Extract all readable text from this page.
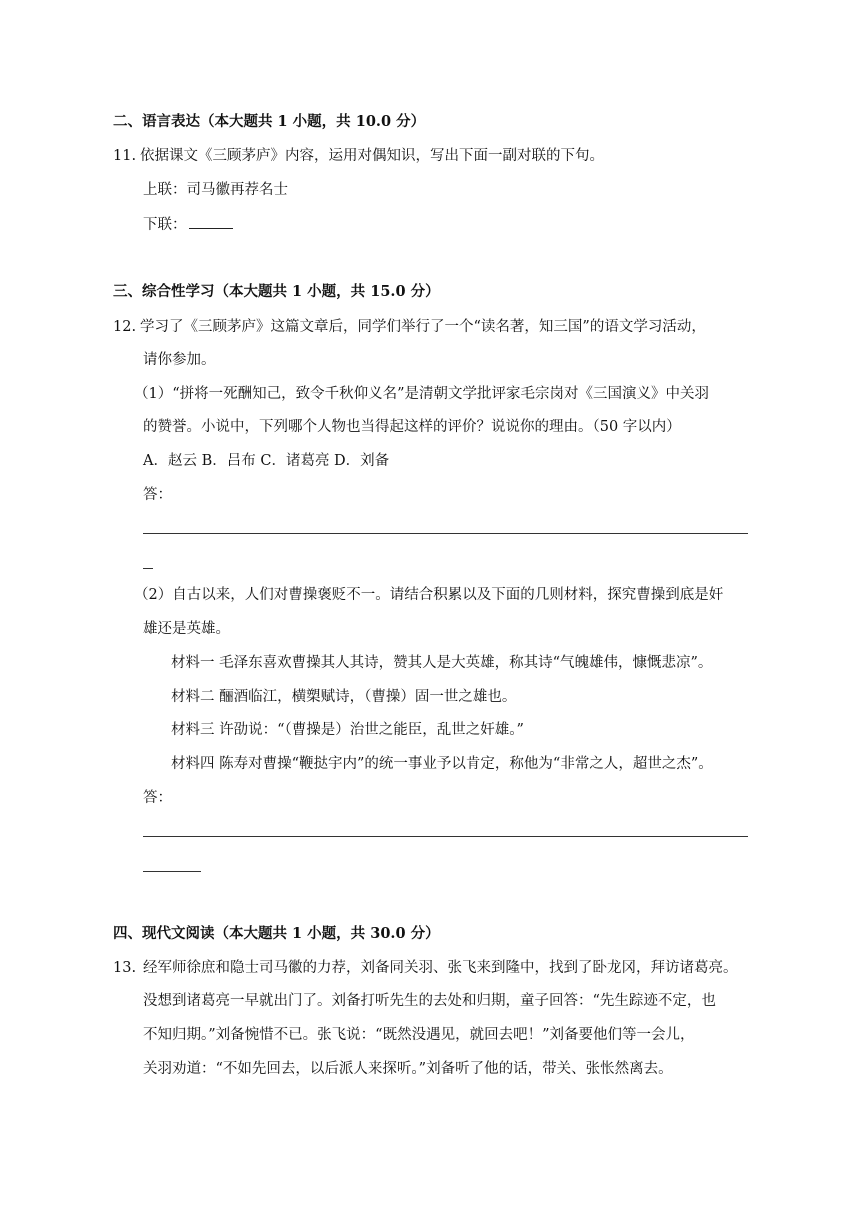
二、语言表达（本大题共 1 小题，共 10.0 分）
11. 依据课文《三顾茅庐》内容，运用对偶知识，写出下面一副对联的下句。
上联：司马徽再荐名士
下联：
三、综合性学习（本大题共 1 小题，共 15.0 分）
12. 学习了《三顾茅庐》这篇文章后，同学们举行了一个“读名著，知三国”的语文学习活动，
请你参加。
（1）“拼将一死酬知己，致令千秋仰义名”是清朝文学批评家毛宗岗对《三国演义》中关羽
的赞誉。小说中，下列哪个人物也当得起这样的评价？说说你的理由。（50 字以内）
A．赵云 B．吕布 C．诸葛亮 D．刘备
答：
（2）自古以来，人们对曹操褒贬不一。请结合积累以及下面的几则材料，探究曹操到底是奸
雄还是英雄。
材料一 毛泽东喜欢曹操其人其诗，赞其人是大英雄，称其诗“气魄雄伟，慷慨悲凉”。
材料二 酾酒临江，横槊赋诗，（曹操）固一世之雄也。
材料三 许劭说：“（曹操是）治世之能臣，乱世之奸雄。”
材料四 陈寿对曹操“鞭挞宇内”的统一事业予以肯定，称他为“非常之人，超世之杰”。
答：
四、现代文阅读（本大题共 1 小题，共 30.0 分）
13. 经军师徐庶和隐士司马徽的力荐，刘备同关羽、张飞来到隆中，找到了卧龙冈，拜访诸葛亮。
没想到诸葛亮一早就出门了。刘备打听先生的去处和归期，童子回答：“先生踪迹不定，也
不知归期。”刘备惋惜不已。张飞说：“既然没遇见，就回去吧！”刘备要他们等一会儿，
关羽劝道：“不如先回去，以后派人来探听。”刘备听了他的话，带关、张怅然离去。
